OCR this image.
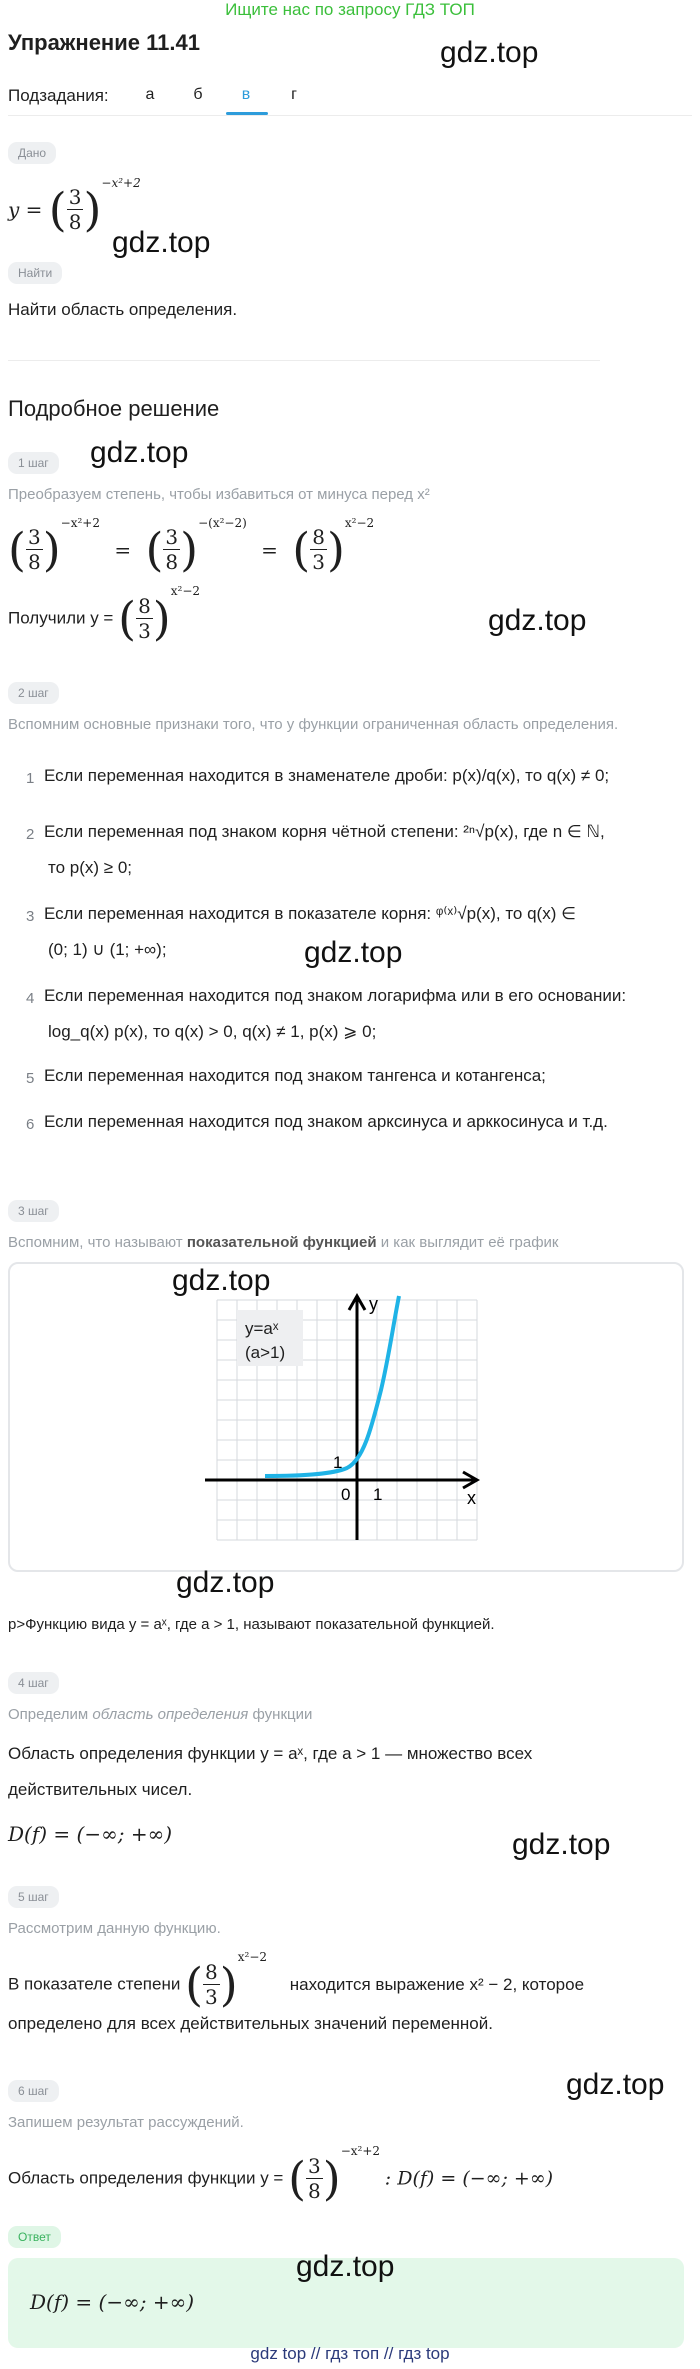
Ищите нас по запросу ГДЗ ТОП
Упражнение 11.41	gdz.top
Подзадания:	а	б	в	г
Дано
y = ( $\frac{3}{8} )^{-x^2+2}$
gdz.top
Найти
Найти область определения.
Подробное решение
1 шаг	gdz.top
Преобразуем степень, чтобы избавиться от минуса перед x²
( $\frac{3}{8} )^{-x^2+2}$ = ( $\frac{3}{8} )^{-(x^2-2)}$ = ( $\frac{8}{3} )^{x^2-2}$
Получили y = ( $\frac{8}{3} )^{x^2-2}$
gdz.top
2 шаг
Вспомним основные признаки того, что у функции ограниченная область определения.
1 Если переменная находится в знаменателе дроби: p(x)/q(x), то q(x) ≠ 0;
2 Если переменная под знаком корня чётной степени: ²ⁿ√p(x), где n ∈ ℕ,
то p(x) ≥ 0;
3 Если переменная находится в показателе корня: ᵠ⁽ˣ⁾√p(x), то q(x) ∈
(0; 1) ∪ (1; +∞);	gdz.top
4 Если переменная находится под знаком логарифма или в его основании:
log_q(x) p(x), то q(x) > 0, q(x) ≠ 1, p(x) ⩾ 0;
5 Если переменная находится под знаком тангенса и котангенса;
6 Если переменная находится под знаком арксинуса и арккосинуса и т.д.
3 шаг
Вспомним, что называют показательной функцией и как выглядит её график
gdz.top
y=aˣ
(a>1)
y
x
1
0 1
gdz.top
p>Функцию вида y = aˣ, где a > 1, называют показательной функцией.
4 шаг
Определим область определения функции
Область определения функции y = aˣ, где a > 1 — множество всех
действительных чисел.
D(f) = (−∞; +∞)	gdz.top
5 шаг
Рассмотрим данную функцию.
В показателе степени ( $\frac{8}{3} )^{x^2-2}$ находится выражение x² − 2, которое
определено для всех действительных значений переменной.
6 шаг	gdz.top
Запишем результат рассуждений.
Область определения функции y = ( $\frac{3}{8} )^{-x^2+2}$ : D(f) = (−∞; +∞)
Ответ
gdz.top
D(f) = (−∞; +∞)
gdz top // гдз топ // гдз top
